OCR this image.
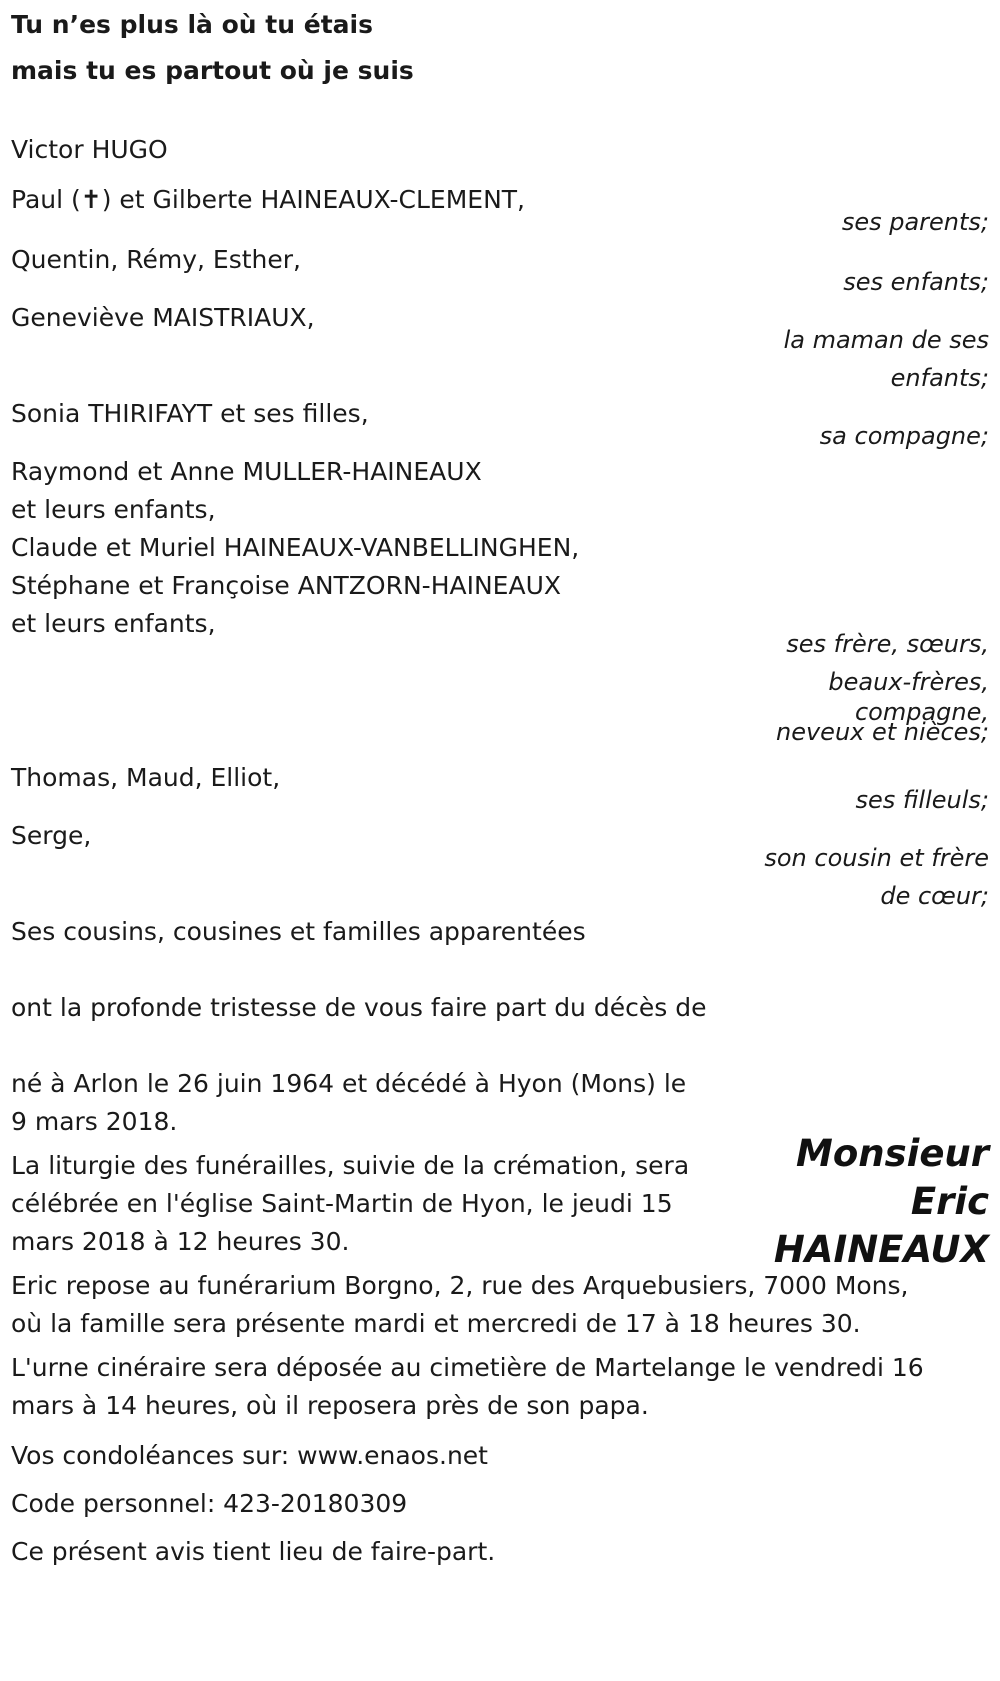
Tu n’es plus là où tu étais
mais tu es partout où je suis
Victor HUGO
Paul (✝) et Gilberte HAINEAUX-CLEMENT,
ses parents;
Quentin, Rémy, Esther,
ses enfants;
Geneviève MAISTRIAUX,
la maman de ses
enfants;
Sonia THIRIFAYT et ses filles,
sa compagne;
Raymond et Anne MULLER-HAINEAUX
et leurs enfants,
Claude et Muriel HAINEAUX-VANBELLINGHEN,
Stéphane et Françoise ANTZORN-HAINEAUX
et leurs enfants,
ses frère, sœurs,
beaux-frères,
compagne,
neveux et nièces;
Thomas, Maud, Elliot,
ses filleuls;
Serge,
son cousin et frère
de cœur;
Ses cousins, cousines et familles apparentées
ont la profonde tristesse de vous faire part du décès de
Monsieur
Eric
HAINEAUX
né à Arlon le 26 juin 1964 et décédé à Hyon (Mons) le
9 mars 2018.
La liturgie des funérailles, suivie de la crémation, sera
célébrée en l'église Saint-Martin de Hyon, le jeudi 15
mars 2018 à 12 heures 30.
Eric repose au funérarium Borgno, 2, rue des Arquebusiers, 7000 Mons,
où la famille sera présente mardi et mercredi de 17 à 18 heures 30.
L'urne cinéraire sera déposée au cimetière de Martelange le vendredi 16
mars à 14 heures, où il reposera près de son papa.
Vos condoléances sur: www.enaos.net
Code personnel: 423-20180309
Ce présent avis tient lieu de faire-part.
